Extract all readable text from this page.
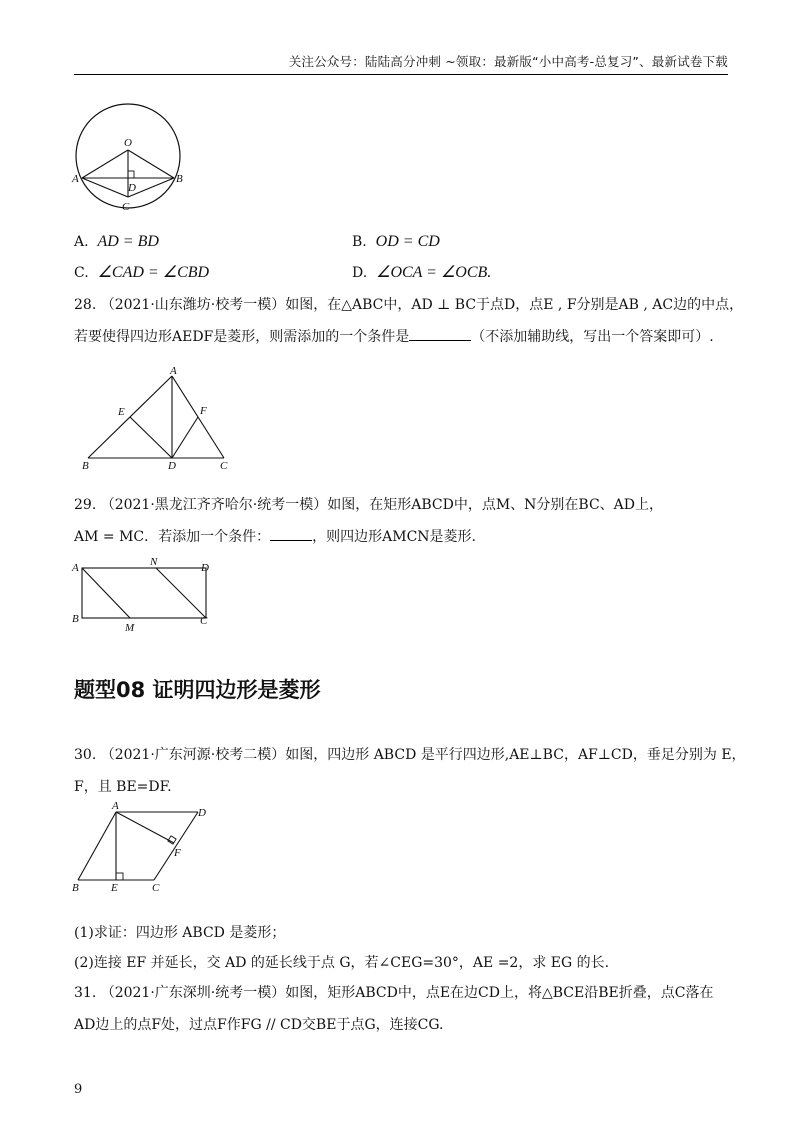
关注公众号：陆陆高分冲刺 ~领取：最新版“小中高考-总复习”、最新试卷下载
O
A	B
D
C
A. AD = BD	B. OD = CD
C. ∠CAD = ∠CBD	D. ∠OCA = ∠OCB.
28. （2021·山东潍坊·校考一模）如图，在△ABC中，AD ⊥ BC于点D，点E , F分别是AB , AC边的中点，
若要使得四边形AEDF是菱形，则需添加的一个条件是	（不添加辅助线，写出一个答案即可）.
A
E	F
B	D	C
29. （2021·黑龙江齐齐哈尔·统考一模）如图，在矩形ABCD中，点M、N分别在BC、AD上，
AM = MC．若添加一个条件：	，则四边形AMCN是菱形.
A	N	D
B
M
C
题型08 证明四边形是菱形
30. （2021·广东河源·校考二模）如图，四边形 ABCD 是平行四边形,AE⊥BC，AF⊥CD，垂足分别为 E，
F，且 BE=DF.
A
D
F
B	E	C
(1)求证：四边形 ABCD 是菱形；
(2)连接 EF 并延长，交 AD 的延长线于点 G，若∠CEG=30°，AE =2，求 EG 的长.
31. （2021·广东深圳·统考一模）如图，矩形ABCD中，点E在边CD上，将△BCE沿BE折叠，点C落在
AD边上的点F处，过点F作FG // CD交BE于点G，连接CG.
9
